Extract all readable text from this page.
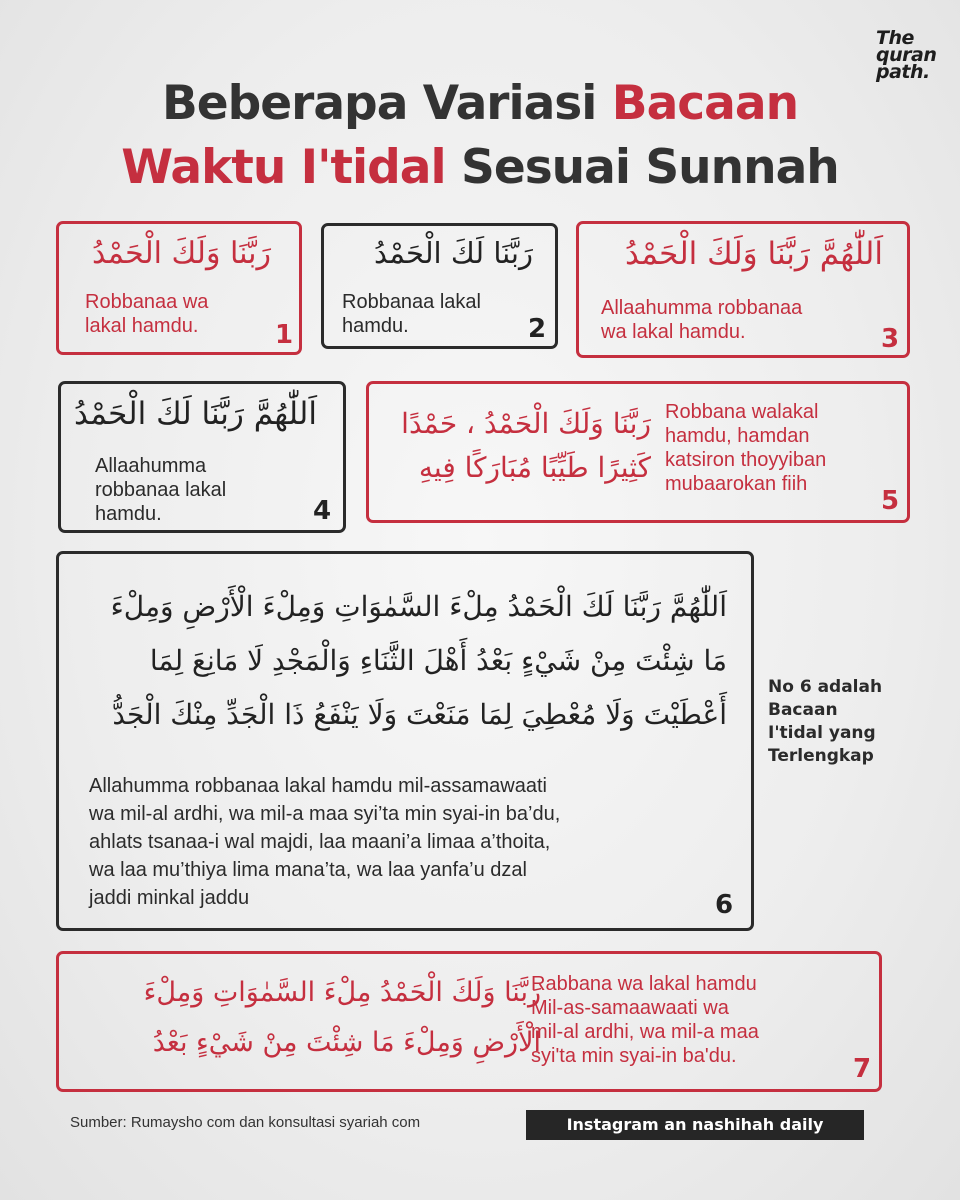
The
quran
path.
Beberapa Variasi Bacaan
Waktu I'tidal Sesuai Sunnah
رَبَّنَا وَلَكَ الْحَمْدُ
Robbanaa wa
lakal hamdu.	1
رَبَّنَا لَكَ الْحَمْدُ
Robbanaa lakal
hamdu.	2
اَللّٰهُمَّ رَبَّنَا وَلَكَ الْحَمْدُ
Allaahumma robbanaa
wa lakal hamdu.	3
اَللّٰهُمَّ رَبَّنَا لَكَ الْحَمْدُ
Allaahumma
robbanaa lakal
hamdu.	4
رَبَّنَا وَلَكَ الْحَمْدُ ، حَمْدًا
كَثِيرًا طَيِّبًا مُبَارَكًا فِيهِ
Robbana walakal
hamdu, hamdan
katsiron thoyyiban
mubaarokan fiih
5
اَللّٰهُمَّ رَبَّنَا لَكَ الْحَمْدُ مِلْءَ السَّمٰوَاتِ وَمِلْءَ الْأَرْضِ وَمِلْءَ
مَا شِئْتَ مِنْ شَيْءٍ بَعْدُ أَهْلَ الثَّنَاءِ وَالْمَجْدِ لَا مَانِعَ لِمَا
أَعْطَيْتَ وَلَا مُعْطِيَ لِمَا مَنَعْتَ وَلَا يَنْفَعُ ذَا الْجَدِّ مِنْكَ الْجَدُّ
Allahumma robbanaa lakal hamdu mil-assamawaati
wa mil-al ardhi, wa mil-a maa syi’ta min syai-in ba’du,
ahlats tsanaa-i wal majdi, laa maani’a limaa a’thoita,
wa laa mu’thiya lima mana’ta, wa laa yanfa’u dzal
jaddi minkal jaddu	6
No 6 adalah
Bacaan
I'tidal yang
Terlengkap
رَبَّنَا وَلَكَ الْحَمْدُ مِلْءَ السَّمٰوَاتِ وَمِلْءَ
الْأَرْضِ وَمِلْءَ مَا شِئْتَ مِنْ شَيْءٍ بَعْدُ
Rabbana wa lakal hamdu
Mil-as-samaawaati wa
mil-al ardhi, wa mil-a maa
syi'ta min syai-in ba'du.	7
Sumber: Rumaysho com dan konsultasi syariah com	Instagram an nashihah daily
